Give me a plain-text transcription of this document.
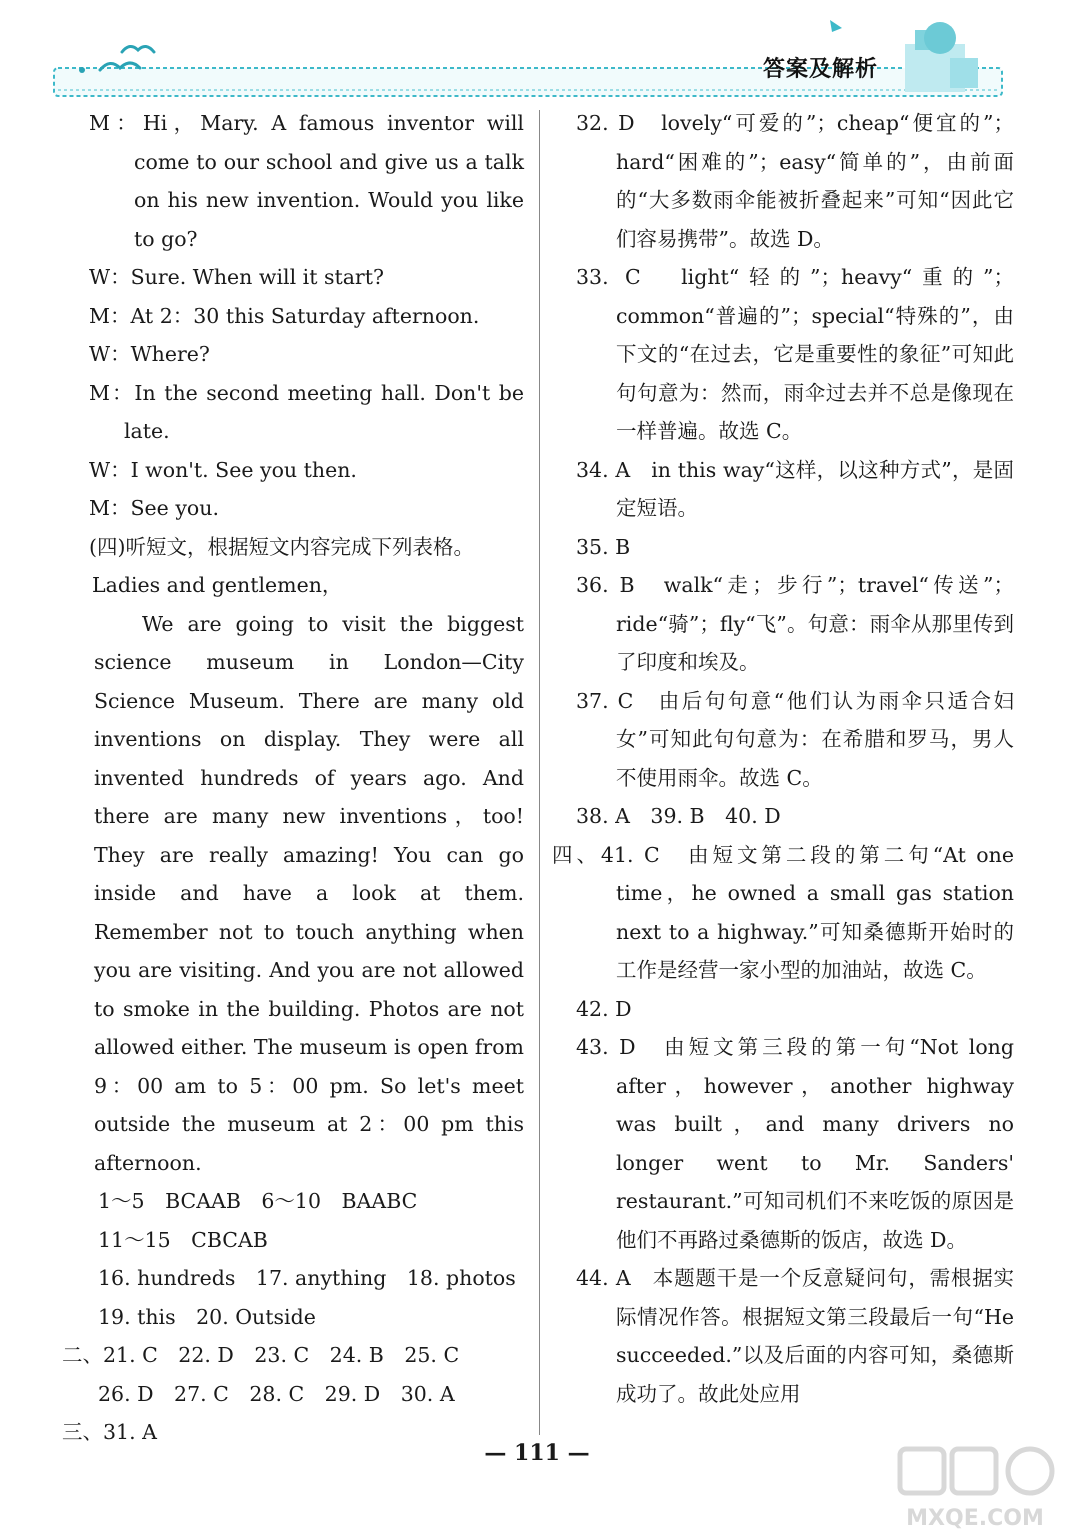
答案及解析

M：Hi，Mary. A famous inventor will come to our school and give us a talk on his new invention. Would you like to go?

W：Sure. When will it start?

M：At 2：30 this Saturday afternoon.

W：Where?

M：In the second meeting hall. Don't be late.

W：I won't. See you then.

M：See you.

(四)听短文，根据短文内容完成下列表格。

Ladies and gentlemen，

We are going to visit the biggest science museum in London—City Science Museum. There are many old inventions on display. They were all invented hundreds of years ago. And there are many new inventions，too! They are really amazing! You can go inside and have a look at them. Remember not to touch anything when you are visiting. And you are not allowed to smoke in the building. Photos are not allowed either. The museum is open from 9：00 am to 5：00 pm. So let's meet outside the museum at 2：00 pm this afternoon.

1～5　BCAAB　6～10　BAABC

11～15　CBCAB

16. hundreds　17. anything　18. photos

19. this　20. Outside

二、21. C　22. D　23. C　24. B　25. C

26. D　27. C　28. C　29. D　30. A

三、31. A

32. D　lovely“可爱的”；cheap“便宜的”；hard“困难的”；easy“简单的”，由前面的“大多数雨伞能被折叠起来”可知“因此它们容易携带”。故选 D。

33. C　light“轻的”；heavy“重的”；common“普遍的”；special“特殊的”，由下文的“在过去，它是重要性的象征”可知此句句意为：然而，雨伞过去并不总是像现在一样普遍。故选 C。

34. A　in this way“这样，以这种方式”，是固定短语。

35. B

36. B　walk“走；步行”；travel“传送”；ride“骑”；fly“飞”。句意：雨伞从那里传到了印度和埃及。

37. C　由后句句意“他们认为雨伞只适合妇女”可知此句句意为：在希腊和罗马，男人不使用雨伞。故选 C。

38. A　39. B　40. D

四、41. C　由短文第二段的第二句“At one time，he owned a small gas station next to a highway.”可知桑德斯开始时的工作是经营一家小型的加油站，故选 C。

42. D

43. D　由短文第三段的第一句“Not long after，however，another highway was built，and many drivers no longer went to Mr. Sanders' restaurant.”可知司机们不来吃饭的原因是他们不再路过桑德斯的饭店，故选 D。

44. A　本题题干是一个反意疑问句，需根据实际情况作答。根据短文第三段最后一句“He succeeded.”以及后面的内容可知，桑德斯成功了。故此处应用

— 111 —
MXQE.COM
